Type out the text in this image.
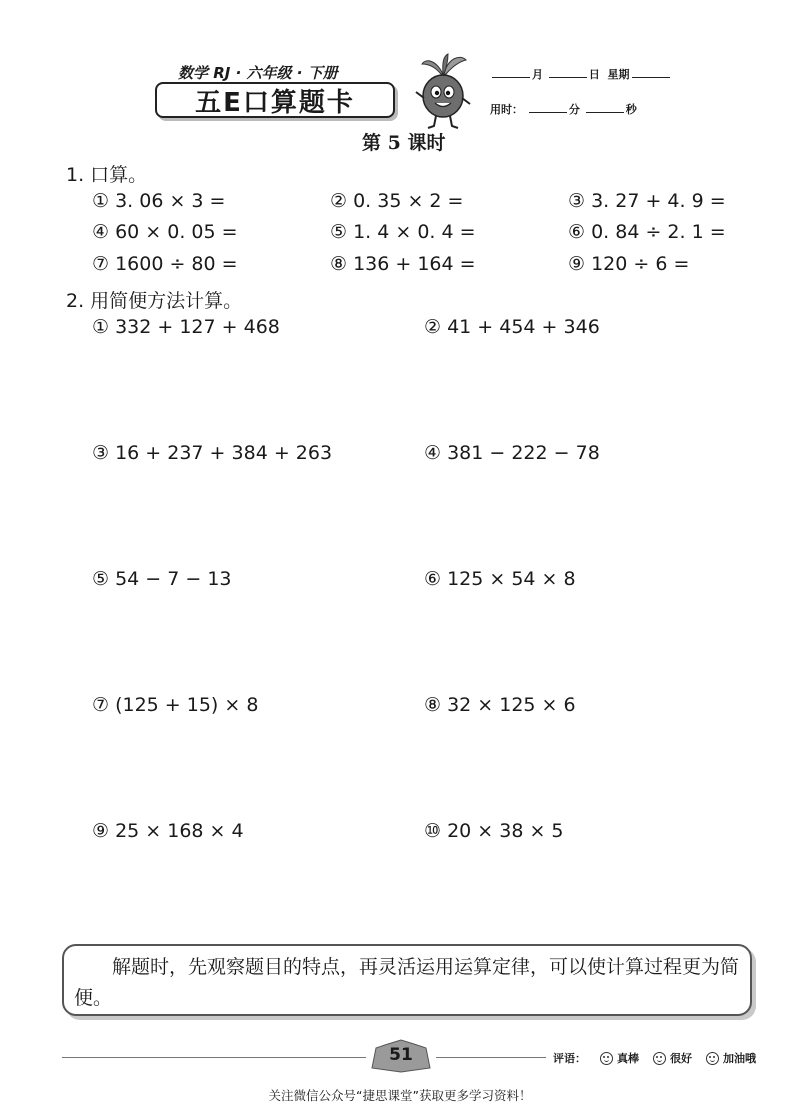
数学 RJ · 六年级 · 下册
五E口算题卡
月	日 星期
用时：	分	秒
第 5 课时
1. 口算。
① 3. 06 × 3 =	② 0. 35 × 2 =	③ 3. 27 + 4. 9 =
④ 60 × 0. 05 =	⑤ 1. 4 × 0. 4 =	⑥ 0. 84 ÷ 2. 1 =
⑦ 1600 ÷ 80 =	⑧ 136 + 164 =	⑨ 120 ÷ 6 =
2. 用简便方法计算。
① 332 + 127 + 468	② 41 + 454 + 346
③ 16 + 237 + 384 + 263	④ 381 − 222 − 78
⑤ 54 − 7 − 13	⑥ 125 × 54 × 8
⑦ (125 + 15) × 8	⑧ 32 × 125 × 6
⑨ 25 × 168 × 4	⑩ 20 × 38 × 5
解题时，先观察题目的特点，再灵活运用运算定律，可以使计算过程更为简便。
51	评语：	真棒	很好	加油哦
关注微信公众号“捷思课堂”获取更多学习资料！
